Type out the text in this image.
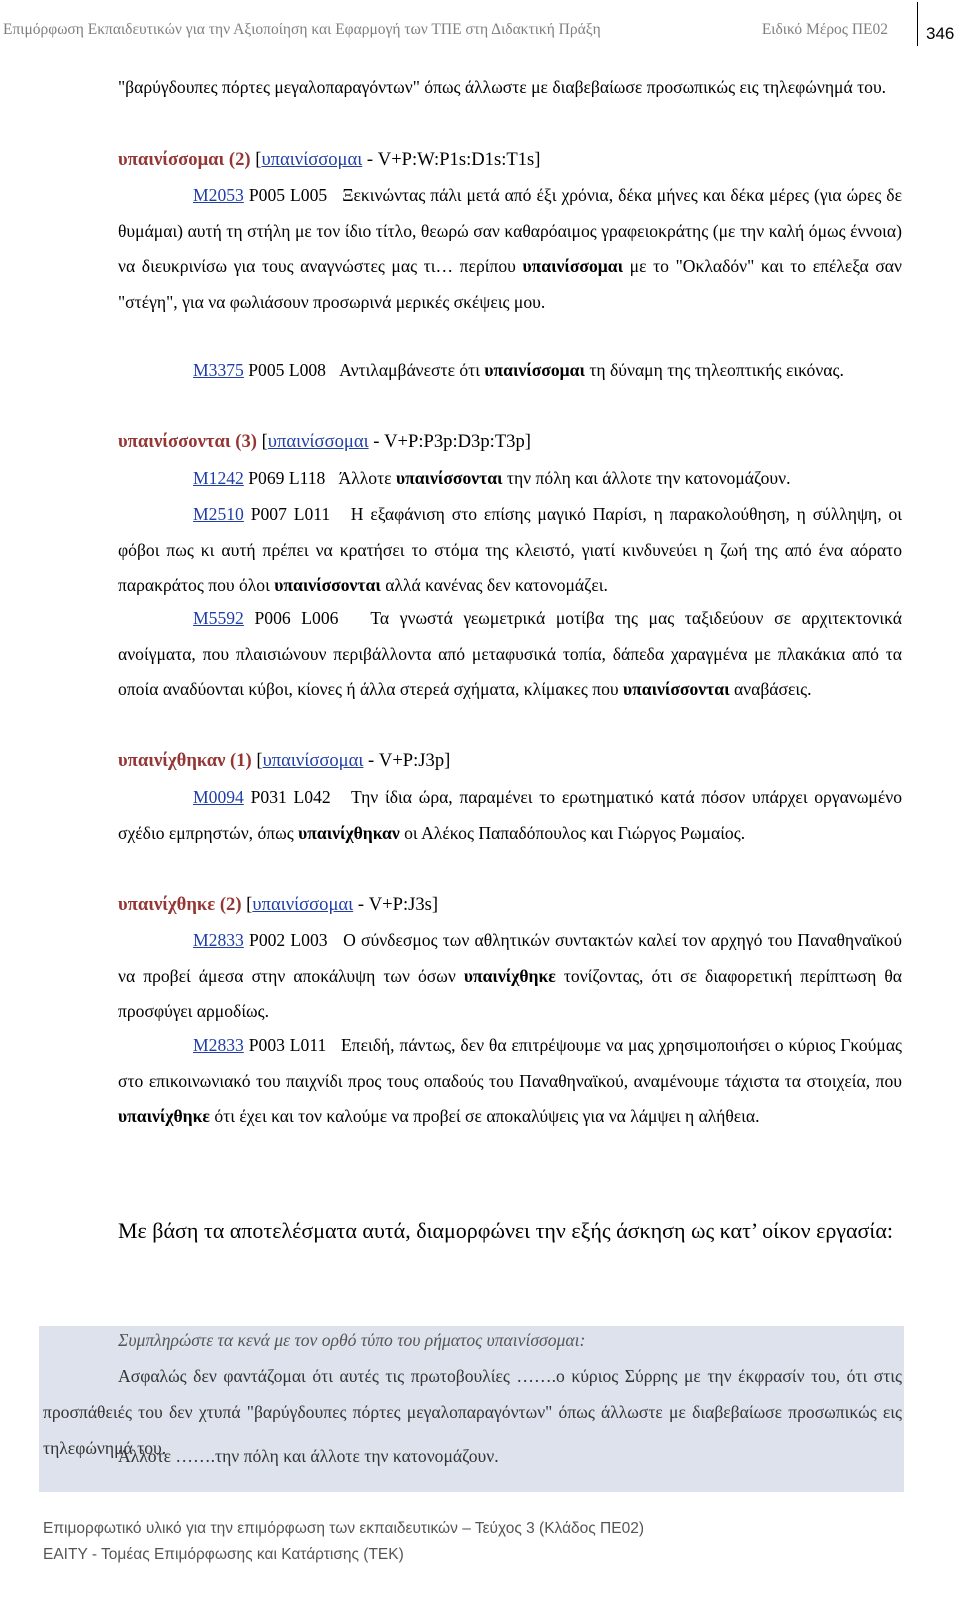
Επιμόρφωση Εκπαιδευτικών για την Αξιοποίηση και Εφαρμογή των ΤΠΕ στη Διδακτική Πράξη	Ειδικό Μέρος ΠΕ02 346
"βαρύγδουπες πόρτες μεγαλοπαραγόντων" όπως άλλωστε με διαβεβαίωσε προσωπικώς εις τηλεφώνημά του.
υπαινίσσομαι (2) [υπαινίσσομαι - V+P:W:P1s:D1s:T1s]
M2053 P005 L005 Ξεκινώντας πάλι μετά από έξι χρόνια, δέκα μήνες και δέκα μέρες (για ώρες δε θυμάμαι) αυτή τη στήλη με τον ίδιο τίτλο, θεωρώ σαν καθαρόαιμος γραφειοκράτης (με την καλή όμως έννοια) να διευκρινίσω για τους αναγνώστες μας τι… περίπου υπαινίσσομαι με το "Οκλαδόν" και το επέλεξα σαν "στέγη", για να φωλιάσουν προσωρινά μερικές σκέψεις μου.
M3375 P005 L008 Αντιλαμβάνεστε ότι υπαινίσσομαι τη δύναμη της τηλεοπτικής εικόνας.
υπαινίσσονται (3) [υπαινίσσομαι - V+P:P3p:D3p:T3p]
M1242 P069 L118 Άλλοτε υπαινίσσονται την πόλη και άλλοτε την κατονομάζουν.
M2510 P007 L011 Η εξαφάνιση στο επίσης μαγικό Παρίσι, η παρακολούθηση, η σύλληψη, οι φόβοι πως κι αυτή πρέπει να κρατήσει το στόμα της κλειστό, γιατί κινδυνεύει η ζωή της από ένα αόρατο παρακράτος που όλοι υπαινίσσονται αλλά κανένας δεν κατονομάζει.
M5592 P006 L006 Τα γνωστά γεωμετρικά μοτίβα της μας ταξιδεύουν σε αρχιτεκτονικά ανοίγματα, που πλαισιώνουν περιβάλλοντα από μεταφυσικά τοπία, δάπεδα χαραγμένα με πλακάκια από τα οποία αναδύονται κύβοι, κίονες ή άλλα στερεά σχήματα, κλίμακες που υπαινίσσονται αναβάσεις.
υπαινίχθηκαν (1) [υπαινίσσομαι - V+P:J3p]
M0094 P031 L042 Την ίδια ώρα, παραμένει το ερωτηματικό κατά πόσον υπάρχει οργανωμένο σχέδιο εμπρηστών, όπως υπαινίχθηκαν οι Αλέκος Παπαδόπουλος και Γιώργος Ρωμαίος.
υπαινίχθηκε (2) [υπαινίσσομαι - V+P:J3s]
M2833 P002 L003 Ο σύνδεσμος των αθλητικών συντακτών καλεί τον αρχηγό του Παναθηναϊκού να προβεί άμεσα στην αποκάλυψη των όσων υπαινίχθηκε τονίζοντας, ότι σε διαφορετική περίπτωση θα προσφύγει αρμοδίως.
M2833 P003 L011 Επειδή, πάντως, δεν θα επιτρέψουμε να μας χρησιμοποιήσει ο κύριος Γκούμας στο επικοινωνιακό του παιχνίδι προς τους οπαδούς του Παναθηναϊκού, αναμένουμε τάχιστα τα στοιχεία, που υπαινίχθηκε ότι έχει και τον καλούμε να προβεί σε αποκαλύψεις για να λάμψει η αλήθεια.
Με βάση τα αποτελέσματα αυτά, διαμορφώνει την εξής άσκηση ως κατ’ οίκον εργασία:
Συμπληρώστε τα κενά με τον ορθό τύπο του ρήματος υπαινίσσομαι:
Ασφαλώς δεν φαντάζομαι ότι αυτές τις πρωτοβουλίες …….ο κύριος Σύρρης με την έκφρασίν του, ότι στις προσπάθειές του δεν χτυπά "βαρύγδουπες πόρτες μεγαλοπαραγόντων" όπως άλλωστε με διαβεβαίωσε προσωπικώς εις τηλεφώνημά του.
Άλλοτε …….την πόλη και άλλοτε την κατονομάζουν.
Επιμορφωτικό υλικό για την επιμόρφωση των εκπαιδευτικών – Τεύχος 3 (Κλάδος ΠΕ02)
ΕΑΙΤΥ - Τομέας Επιμόρφωσης και Κατάρτισης (ΤΕΚ)
